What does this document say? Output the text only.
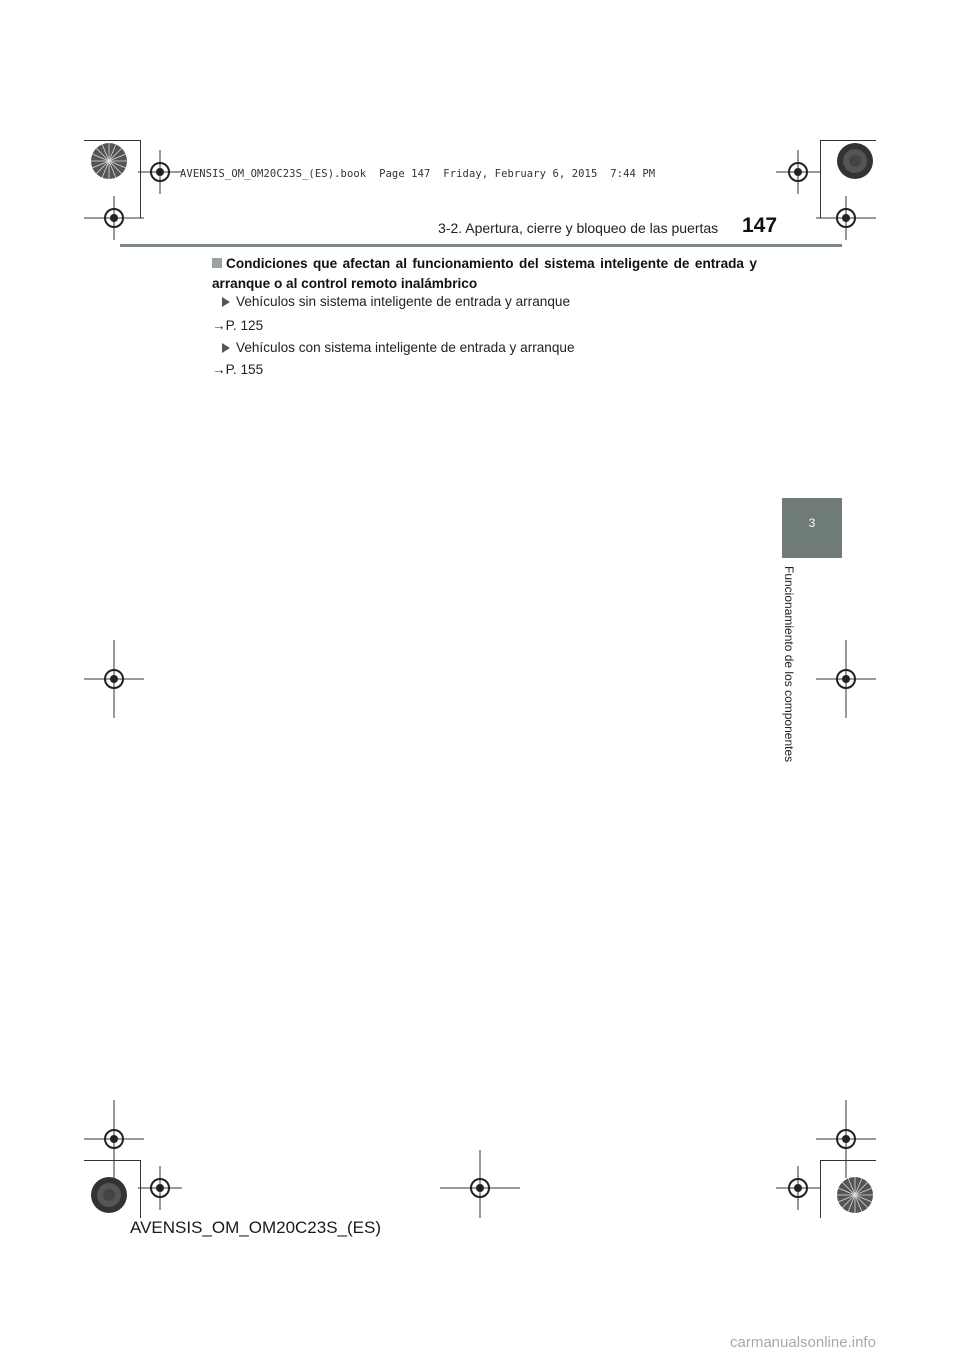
AVENSIS_OM_OM20C23S_(ES).book  Page 147  Friday, February 6, 2015  7:44 PM
3-2. Apertura, cierre y bloqueo de las puertas 147
3
Funcionamiento de los componentes
Condiciones que afectan al funcionamiento del sistema inteligente de entrada y arranque o al control remoto inalámbrico
Vehículos sin sistema inteligente de entrada y arranque
→P. 125
Vehículos con sistema inteligente de entrada y arranque
→P. 155
AVENSIS_OM_OM20C23S_(ES)
carmanualsonline.info
